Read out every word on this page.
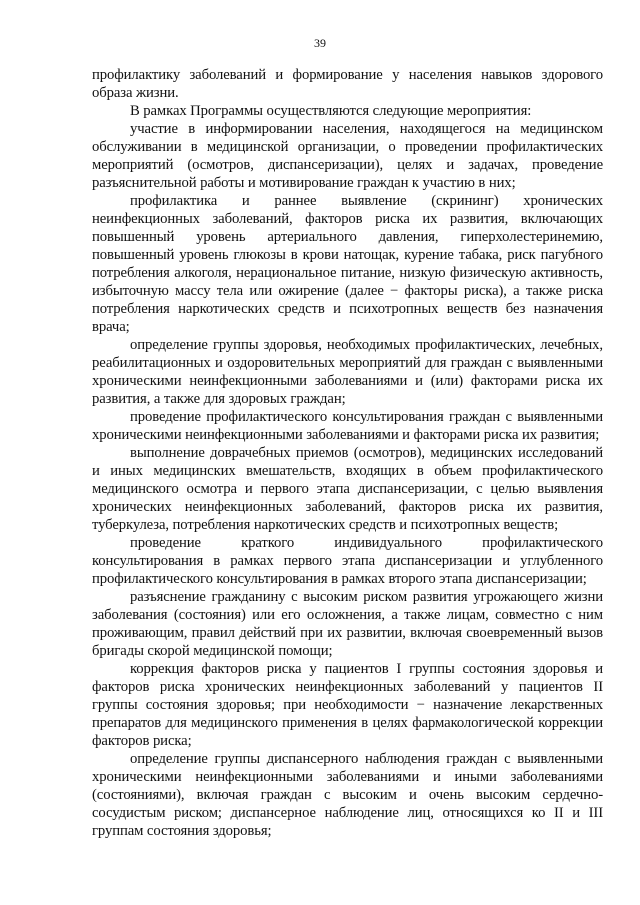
39

профилактику заболеваний и формирование у населения навыков здорового образа жизни.

В рамках Программы осуществляются следующие мероприятия:

участие в информировании населения, находящегося на медицинском обслуживании в медицинской организации, о проведении профилактических мероприятий (осмотров, диспансеризации), целях и задачах, проведение разъяснительной работы и мотивирование граждан к участию в них;

профилактика и раннее выявление (скрининг) хронических неинфекционных заболеваний, факторов риска их развития, включающих повышенный уровень артериального давления, гиперхолестеринемию, повышенный уровень глюкозы в крови натощак, курение табака, риск пагубного потребления алкоголя, нерациональное питание, низкую физическую активность, избыточную массу тела или ожирение (далее − факторы риска), а также риска потребления наркотических средств и психотропных веществ без назначения врача;

определение группы здоровья, необходимых профилактических, лечебных, реабилитационных и оздоровительных мероприятий для граждан с выявленными хроническими неинфекционными заболеваниями и (или) факторами риска их развития, а также для здоровых граждан;

проведение профилактического консультирования граждан с выявленными хроническими неинфекционными заболеваниями и факторами риска их развития;

выполнение доврачебных приемов (осмотров), медицинских исследований и иных медицинских вмешательств, входящих в объем профилактического медицинского осмотра и первого этапа диспансеризации, с целью выявления хронических неинфекционных заболеваний, факторов риска их развития, туберкулеза, потребления наркотических средств и психотропных веществ;

проведение краткого индивидуального профилактического консультирования в рамках первого этапа диспансеризации и углубленного профилактического консультирования в рамках второго этапа диспансеризации;

разъяснение гражданину с высоким риском развития угрожающего жизни заболевания (состояния) или его осложнения, а также лицам, совместно с ним проживающим, правил действий при их развитии, включая своевременный вызов бригады скорой медицинской помощи;

коррекция факторов риска у пациентов I группы состояния здоровья и факторов риска хронических неинфекционных заболеваний у пациентов II группы состояния здоровья; при необходимости − назначение лекарственных препаратов для медицинского применения в целях фармакологической коррекции факторов риска;

определение группы диспансерного наблюдения граждан с выявленными хроническими неинфекционными заболеваниями и иными заболеваниями (состояниями), включая граждан с высоким и очень высоким сердечно-сосудистым риском; диспансерное наблюдение лиц, относящихся ко II и III группам состояния здоровья;
